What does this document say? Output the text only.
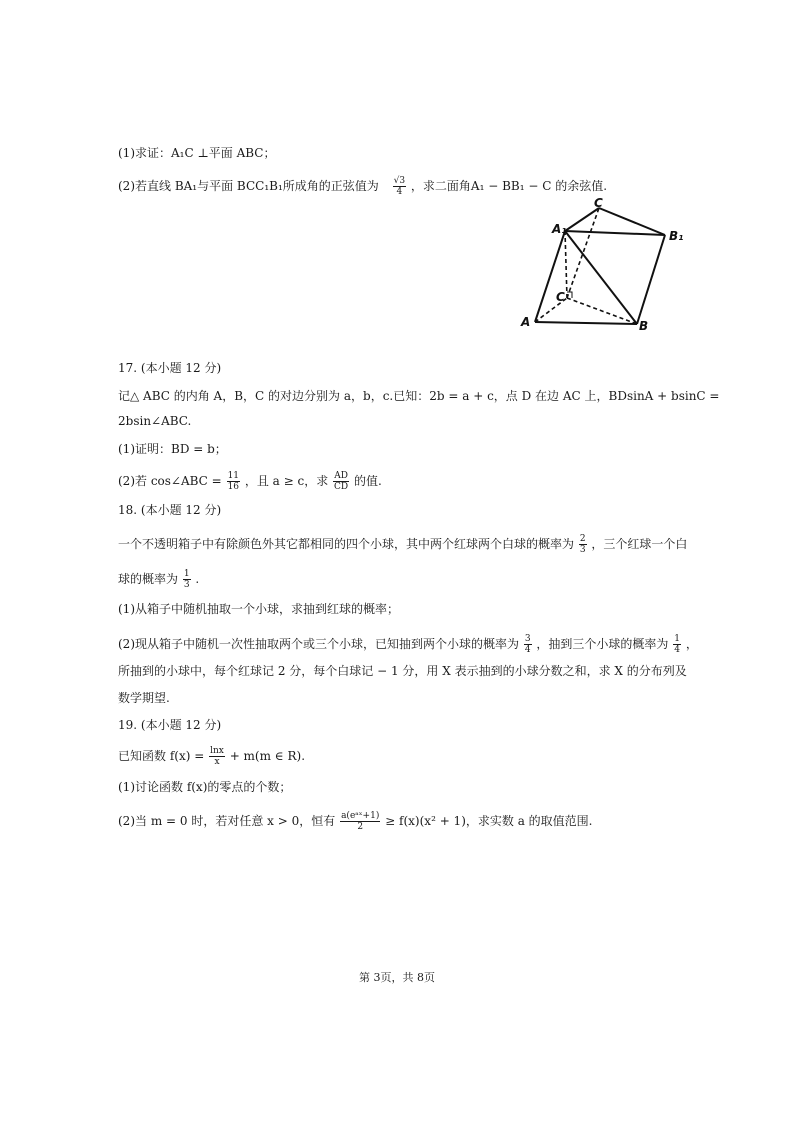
(1)求证：A₁C ⊥平面 ABC；
(2)若直线 BA₁与平面 BCC₁B₁所成角的正弦值为 $\frac{√3}{4}$ ，求二面角A₁ − BB₁ − C 的余弦值.
A₁
C
B₁
C
A	B
17. (本小题 12 分)
记△ ABC 的内角 A，B，C 的对边分别为 a，b，c.已知：2b = a + c，点 D 在边 AC 上，BDsinA + bsinC =
2bsin∠ABC.
(1)证明：BD = b；
(2)若 cos∠ABC = $\frac{11}{16}$ ，且 a ≥ c，求 $\frac{AD}{CD}$ 的值.
18. (本小题 12 分)
一个不透明箱子中有除颜色外其它都相同的四个小球，其中两个红球两个白球的概率为 $\frac{2}{3}$ ，三个红球一个白
球的概率为 $\frac{1}{3}$ .
(1)从箱子中随机抽取一个小球，求抽到红球的概率；
(2)现从箱子中随机一次性抽取两个或三个小球，已知抽到两个小球的概率为 $\frac{3}{4}$ ，抽到三个小球的概率为 $\frac{1}{4}$ ，
所抽到的小球中，每个红球记 2 分，每个白球记 − 1 分，用 X 表示抽到的小球分数之和，求 X 的分布列及
数学期望.
19. (本小题 12 分)
已知函数 $f(x) = \frac{\ln x}{x} + m(m$ ∈ R).
(1)讨论函数 f(x)的零点的个数；
(2)当 m = 0 时，若对任意 x > 0，恒有 $\frac{\text{a(eᵃˣ+1)}}{2} \ge f(x)(x^2 + 1)$，求实数 a 的取值范围.
第 3页，共 8页
